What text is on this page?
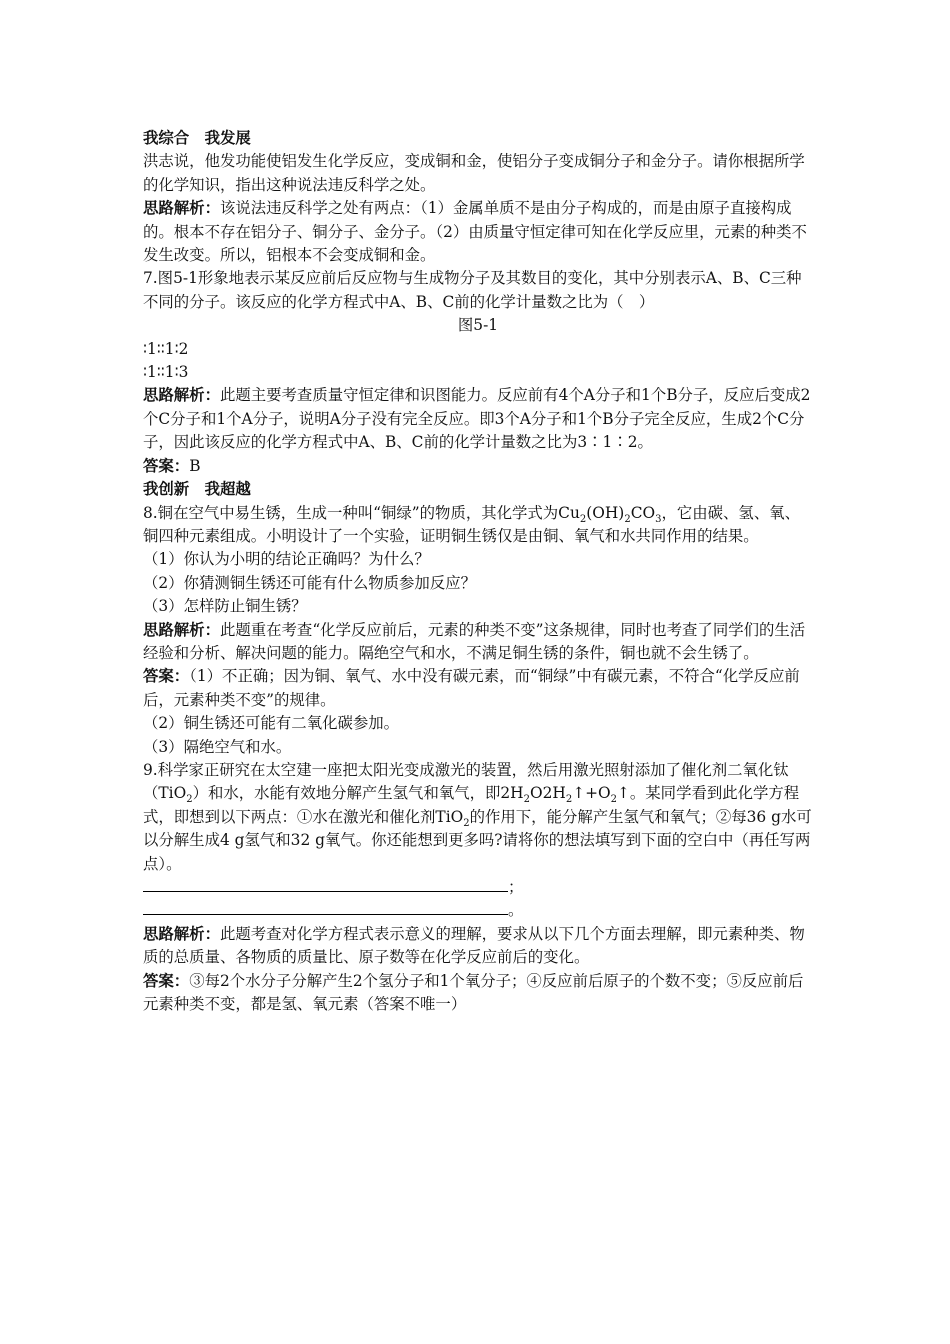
我综合　我发展

洪志说，他发功能使铝发生化学反应，变成铜和金，使铝分子变成铜分子和金分子。请你根据所学的化学知识，指出这种说法违反科学之处。

思路解析：该说法违反科学之处有两点：（1）金属单质不是由分子构成的，而是由原子直接构成的。根本不存在铝分子、铜分子、金分子。（2）由质量守恒定律可知在化学反应里，元素的种类不发生改变。所以，铝根本不会变成铜和金。

7.图5-1形象地表示某反应前后反应物与生成物分子及其数目的变化，其中分别表示A、B、C三种不同的分子。该反应的化学方程式中A、B、C前的化学计量数之比为（　）

图5-1

∶1∶∶1∶2

∶1∶∶1∶3

思路解析：此题主要考查质量守恒定律和识图能力。反应前有4个A分子和1个B分子，反应后变成2个C分子和1个A分子，说明A分子没有完全反应。即3个A分子和1个B分子完全反应，生成2个C分子，因此该反应的化学方程式中A、B、C前的化学计量数之比为3∶1∶2。

答案：B

我创新　我超越

8.铜在空气中易生锈，生成一种叫“铜绿”的物质，其化学式为$Cu_2(OH)_2CO_3$，它由碳、氢、氧、铜四种元素组成。小明设计了一个实验，证明铜生锈仅是由铜、氧气和水共同作用的结果。

（1）你认为小明的结论正确吗？为什么？

（2）你猜测铜生锈还可能有什么物质参加反应？

（3）怎样防止铜生锈？

思路解析：此题重在考查“化学反应前后，元素的种类不变”这条规律，同时也考查了同学们的生活经验和分析、解决问题的能力。隔绝空气和水，不满足铜生锈的条件，铜也就不会生锈了。

答案：（1）不正确；因为铜、氧气、水中没有碳元素，而“铜绿”中有碳元素，不符合“化学反应前后，元素种类不变”的规律。

（2）铜生锈还可能有二氧化碳参加。

（3）隔绝空气和水。

9.科学家正研究在太空建一座把太阳光变成激光的装置，然后用激光照射添加了催化剂二氧化钛（TiO$_2$）和水，水能有效地分解产生氢气和氧气，即$2H_2O2H_2↑+O_2↑$。某同学看到此化学方程式，即想到以下两点：①水在激光和催化剂TiO$_2$的作用下，能分解产生氢气和氧气；②每36 g水可以分解生成4 g氢气和32 g氧气。你还能想到更多吗?请将你的想法填写到下面的空白中（再任写两点）。

；

。

思路解析：此题考查对化学方程式表示意义的理解，要求从以下几个方面去理解，即元素种类、物质的总质量、各物质的质量比、原子数等在化学反应前后的变化。

答案：③每2个水分子分解产生2个氢分子和1个氧分子；④反应前后原子的个数不变；⑤反应前后元素种类不变，都是氢、氧元素（答案不唯一）
